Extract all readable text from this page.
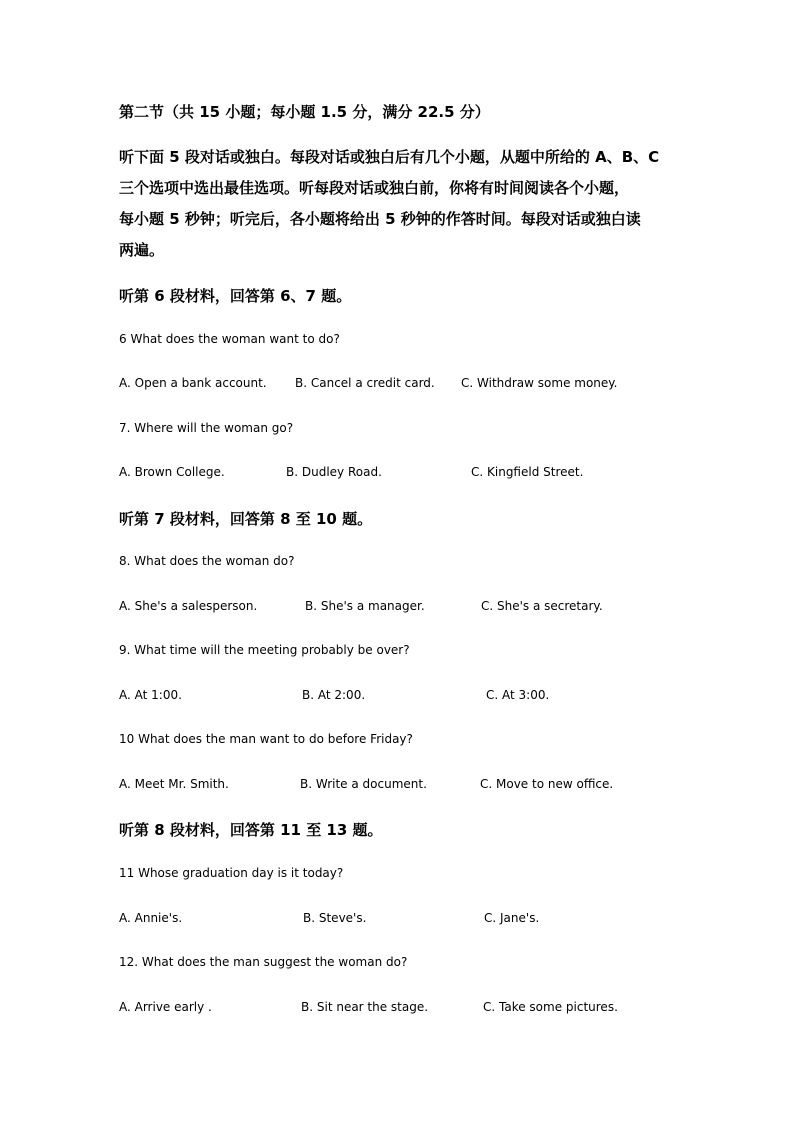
第二节（共 15 小题；每小题 1.5 分，满分 22.5 分）
听下面 5 段对话或独白。每段对话或独白后有几个小题，从题中所给的 A、B、C
三个选项中选出最佳选项。听每段对话或独白前，你将有时间阅读各个小题，
每小题 5 秒钟；听完后，各小题将给出 5 秒钟的作答时间。每段对话或独白读
两遍。
听第 6 段材料，回答第 6、7 题。
6 What does the woman want to do?
A. Open a bank account. B. Cancel a credit card. C. Withdraw some money.
7. Where will the woman go?
A. Brown College.	B. Dudley Road.	C. Kingfield Street.
听第 7 段材料，回答第 8 至 10 题。
8. What does the woman do?
A. She's a salesperson.	B. She's a manager.	C. She's a secretary.
9. What time will the meeting probably be over?
A. At 1:00.	B. At 2:00.	C. At 3:00.
10 What does the man want to do before Friday?
A. Meet Mr. Smith.	B. Write a document.	C. Move to new office.
听第 8 段材料，回答第 11 至 13 题。
11 Whose graduation day is it today?
A. Annie's.	B. Steve's.	C. Jane's.
12. What does the man suggest the woman do?
A. Arrive early .	B. Sit near the stage.	C. Take some pictures.
